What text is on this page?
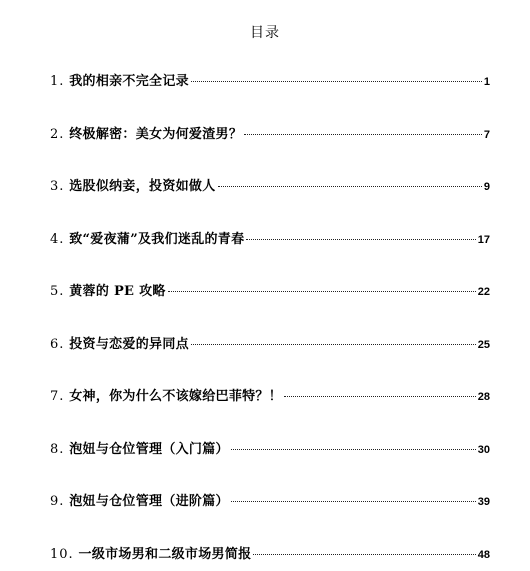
目录
1. 我的相亲不完全记录	1
2. 终极解密：美女为何爱渣男？	7
3. 选股似纳妾，投资如做人	9
4. 致“爱夜蒲”及我们迷乱的青春	17
5. 黄蓉的 PE 攻略	22
6. 投资与恋爱的异同点	25
7. 女神，你为什么不该嫁给巴菲特？！	28
8. 泡妞与仓位管理（入门篇）	30
9. 泡妞与仓位管理（进阶篇）	39
10. 一级市场男和二级市场男简报	48
